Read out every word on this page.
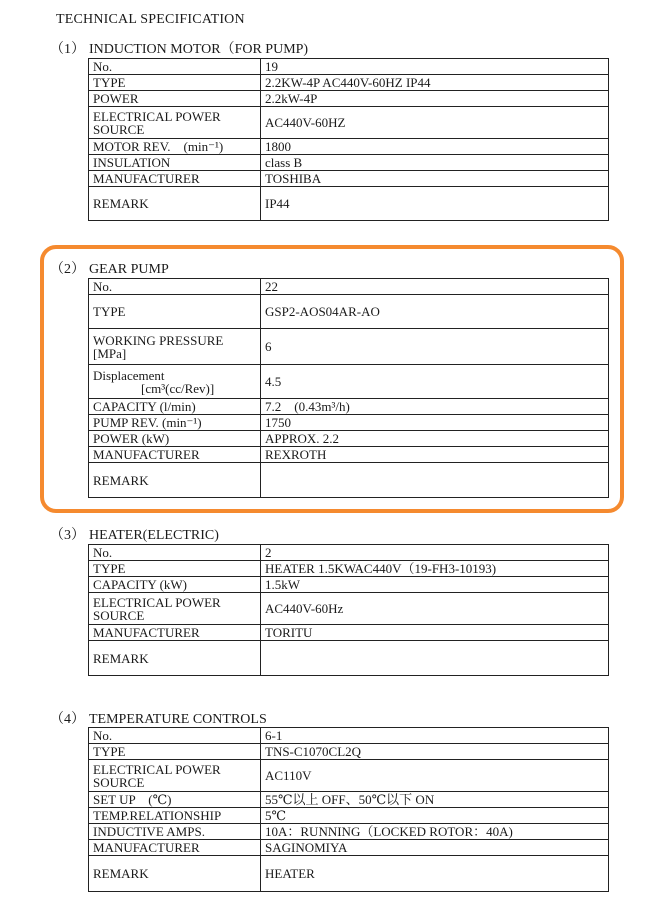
TECHNICAL SPECIFICATION
（1） INDUCTION MOTOR（FOR PUMP)
No.	19
TYPE	2.2KW-4P AC440V-60HZ IP44
POWER	2.2kW-4P
ELECTRICAL POWER
SOURCE	AC440V-60HZ
MOTOR REV.　(min⁻¹)	1800
INSULATION	class B
MANUFACTURER	TOSHIBA
REMARK	IP44
（2） GEAR PUMP
No.	22
TYPE	GSP2-AOS04AR-AO
WORKING PRESSURE
[MPa]	6
Displacement
[cm³(cc/Rev)]	4.5
CAPACITY (l/min)	7.2　(0.43m³/h)
PUMP REV. (min⁻¹)	1750
POWER (kW)	APPROX. 2.2
MANUFACTURER	REXROTH
REMARK	
（3） HEATER(ELECTRIC)
No.	2
TYPE	HEATER 1.5KWAC440V（19-FH3-10193)
CAPACITY (kW)	1.5kW
ELECTRICAL POWER
SOURCE	AC440V-60Hz
MANUFACTURER	TORITU
REMARK	
（4） TEMPERATURE CONTROLS
No.	6-1
TYPE	TNS-C1070CL2Q
ELECTRICAL POWER
SOURCE	AC110V
SET UP　(℃)	55℃以上 OFF、50℃以下 ON
TEMP.RELATIONSHIP	5℃
INDUCTIVE AMPS.	10A：RUNNING（LOCKED ROTOR：40A)
MANUFACTURER	SAGINOMIYA
REMARK	HEATER
